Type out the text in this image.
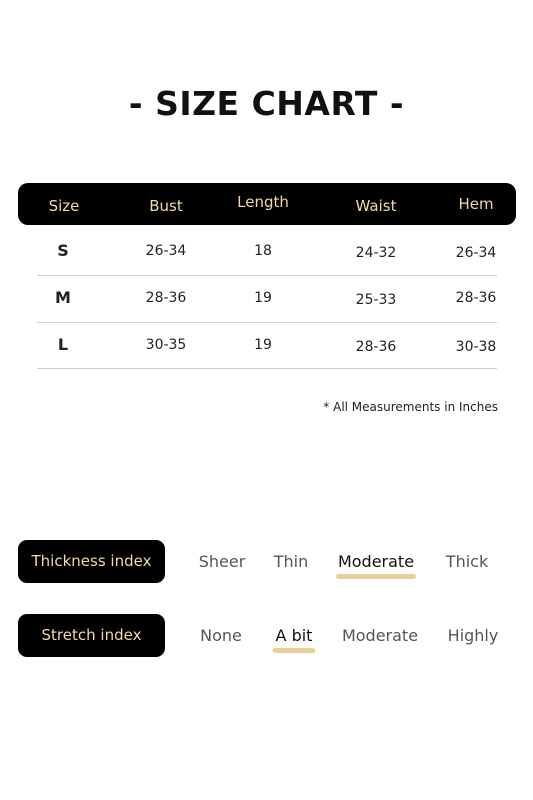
- SIZE CHART -
Size	Bust	Length	Waist	Hem
S	26-34	18	24-32	26-34
M	28-36	19	25-33	28-36
L	30-35	19	28-36	30-38
* All Measurements in Inches
Thickness index	Sheer Thin Moderate Thick
Stretch index	None A bit Moderate Highly
